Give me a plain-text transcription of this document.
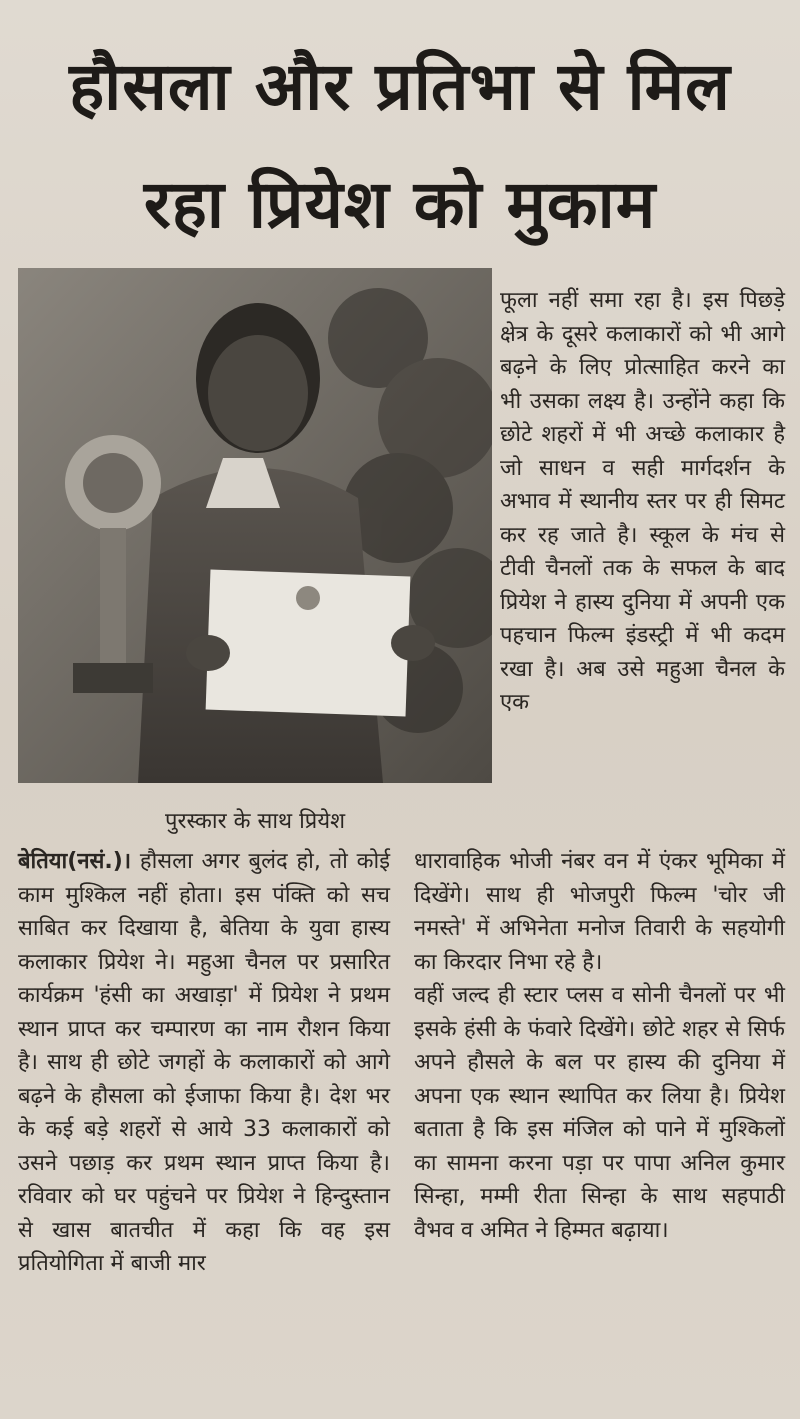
हौसला और प्रतिभा से मिल
रहा प्रियेश को मुकाम
पुरस्कार के साथ प्रियेश

फूला नहीं समा रहा है। इस पिछड़े क्षेत्र के दूसरे कलाकारों को भी आगे बढ़ने के लिए प्रोत्साहित करने का भी उसका लक्ष्य है। उन्होंने कहा कि छोटे शहरों में भी अच्छे कलाकार है जो साधन व सही मार्गदर्शन के अभाव में स्थानीय स्तर पर ही सिमट कर रह जाते है। स्कूल के मंच से टीवी चैनलों तक के सफल के बाद प्रियेश ने हास्य दुनिया में अपनी एक पहचान फिल्म इंडस्ट्री में भी कदम रखा है। अब उसे महुआ चैनल के एक

बेतिया(नसं.)। हौसला अगर बुलंद हो, तो कोई काम मुश्किल नहीं होता। इस पंक्ति को सच साबित कर दिखाया है, बेतिया के युवा हास्य कलाकार प्रियेश ने। महुआ चैनल पर प्रसारित कार्यक्रम 'हंसी का अखाड़ा' में प्रियेश ने प्रथम स्थान प्राप्त कर चम्पारण का नाम रौशन किया है। साथ ही छोटे जगहों के कलाकारों को आगे बढ़ने के हौसला को ईजाफा किया है। देश भर के कई बड़े शहरों से आये 33 कलाकारों को उसने पछाड़ कर प्रथम स्थान प्राप्त किया है। रविवार को घर पहुंचने पर प्रियेश ने हिन्दुस्तान से खास बातचीत में कहा कि वह इस प्रतियोगिता में बाजी मार

धारावाहिक भोजी नंबर वन में एंकर भूमिका में दिखेंगे। साथ ही भोजपुरी फिल्म 'चोर जी नमस्ते' में अभिनेता मनोज तिवारी के सहयोगी का किरदार निभा रहे है।

वहीं जल्द ही स्टार प्लस व सोनी चैनलों पर भी इसके हंसी के फंवारे दिखेंगे। छोटे शहर से सिर्फ अपने हौसले के बल पर हास्य की दुनिया में अपना एक स्थान स्थापित कर लिया है। प्रियेश बताता है कि इस मंजिल को पाने में मुश्किलों का सामना करना पड़ा पर पापा अनिल कुमार सिन्हा, मम्मी रीता सिन्हा के साथ सहपाठी वैभव व अमित ने हिम्मत बढ़ाया।
